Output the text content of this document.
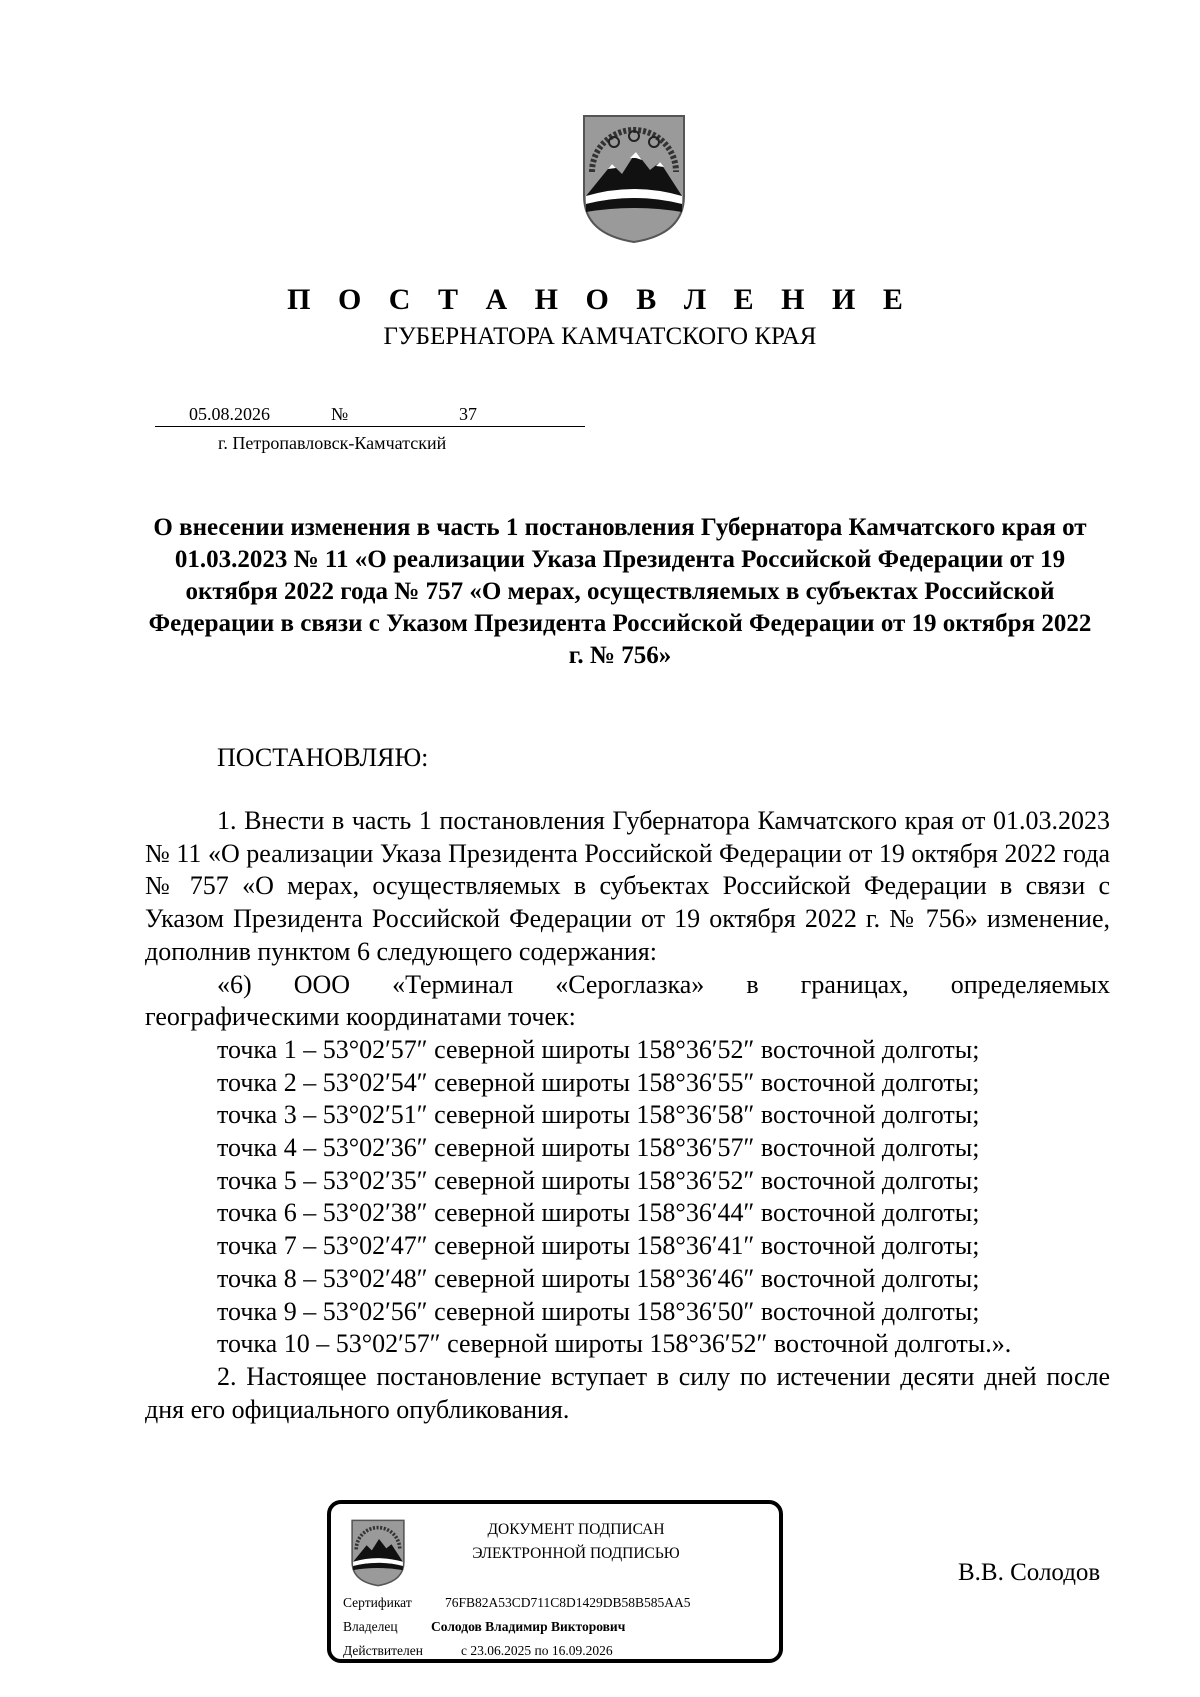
П О С Т А Н О В Л Е Н И Е
ГУБЕРНАТОРА КАМЧАТСКОГО КРАЯ
05.08.2026	№	37
г. Петропавловск-Камчатский
О внесении изменения в часть 1 постановления Губернатора Камчатского края от 01.03.2023 № 11 «О реализации Указа Президента Российской Федерации от 19 октября 2022 года № 757 «О мерах, осуществляемых в субъектах Российской Федерации в связи с Указом Президента Российской Федерации от 19 октября 2022 г. № 756»
ПОСТАНОВЛЯЮ:

1. Внести в часть 1 постановления Губернатора Камчатского края от 01.03.2023 № 11 «О реализации Указа Президента Российской Федерации от 19 октября 2022 года № 757 «О мерах, осуществляемых в субъектах Российской Федерации в связи с Указом Президента Российской Федерации от 19 октября 2022 г. № 756» изменение, дополнив пунктом 6 следующего содержания:

«6) ООО «Терминал «Сероглазка» в границах, определяемых

географическими координатами точек:

точка 1 – 53°02′57″ северной широты 158°36′52″ восточной долготы;
точка 2 – 53°02′54″ северной широты 158°36′55″ восточной долготы;
точка 3 – 53°02′51″ северной широты 158°36′58″ восточной долготы;
точка 4 – 53°02′36″ северной широты 158°36′57″ восточной долготы;
точка 5 – 53°02′35″ северной широты 158°36′52″ восточной долготы;
точка 6 – 53°02′38″ северной широты 158°36′44″ восточной долготы;
точка 7 – 53°02′47″ северной широты 158°36′41″ восточной долготы;
точка 8 – 53°02′48″ северной широты 158°36′46″ восточной долготы;
точка 9 – 53°02′56″ северной широты 158°36′50″ восточной долготы;
точка 10 – 53°02′57″ северной широты 158°36′52″ восточной долготы.».

2. Настоящее постановление вступает в силу по истечении десяти дней после дня его официального опубликования.

ДОКУМЕНТ ПОДПИСАН
ЭЛЕКТРОННОЙ ПОДПИСЬЮ
Сертификат 76FB82A53CD711C8D1429DB58B585AA5
Владелец Солодов Владимир Викторович
Действителен	с 23.06.2025 по 16.09.2026
В.В. Солодов
